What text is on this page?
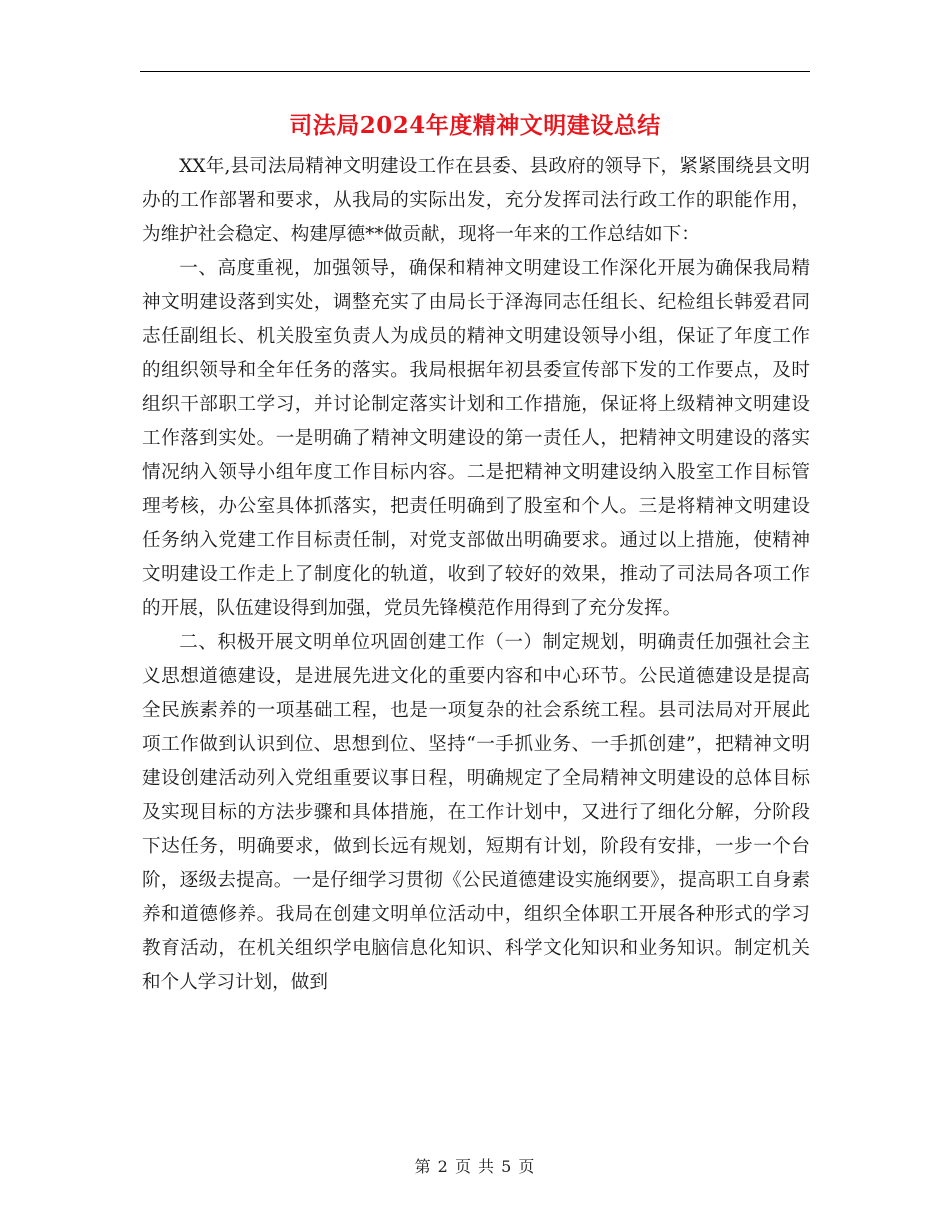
司法局2024年度精神文明建设总结

XX年,县司法局精神文明建设工作在县委、县政府的领导下，紧紧围绕县文明办的工作部署和要求，从我局的实际出发，充分发挥司法行政工作的职能作用，为维护社会稳定、构建厚德**做贡献，现将一年来的工作总结如下：

一、高度重视，加强领导，确保和精神文明建设工作深化开展为确保我局精神文明建设落到实处，调整充实了由局长于泽海同志任组长、纪检组长韩爱君同志任副组长、机关股室负责人为成员的精神文明建设领导小组，保证了年度工作的组织领导和全年任务的落实。我局根据年初县委宣传部下发的工作要点，及时组织干部职工学习，并讨论制定落实计划和工作措施，保证将上级精神文明建设工作落到实处。一是明确了精神文明建设的第一责任人，把精神文明建设的落实情况纳入领导小组年度工作目标内容。二是把精神文明建设纳入股室工作目标管理考核，办公室具体抓落实，把责任明确到了股室和个人。三是将精神文明建设任务纳入党建工作目标责任制，对党支部做出明确要求。通过以上措施，使精神文明建设工作走上了制度化的轨道，收到了较好的效果，推动了司法局各项工作的开展，队伍建设得到加强，党员先锋模范作用得到了充分发挥。

二、积极开展文明单位巩固创建工作（一）制定规划，明确责任加强社会主义思想道德建设，是进展先进文化的重要内容和中心环节。公民道德建设是提高全民族素养的一项基础工程，也是一项复杂的社会系统工程。县司法局对开展此项工作做到认识到位、思想到位、坚持“一手抓业务、一手抓创建”，把精神文明建设创建活动列入党组重要议事日程，明确规定了全局精神文明建设的总体目标及实现目标的方法步骤和具体措施，在工作计划中，又进行了细化分解，分阶段下达任务，明确要求，做到长远有规划，短期有计划，阶段有安排，一步一个台阶，逐级去提高。一是仔细学习贯彻《公民道德建设实施纲要》，提高职工自身素养和道德修养。我局在创建文明单位活动中，组织全体职工开展各种形式的学习教育活动，在机关组织学电脑信息化知识、科学文化知识和业务知识。制定机关和个人学习计划，做到

第 2 页 共 5 页
